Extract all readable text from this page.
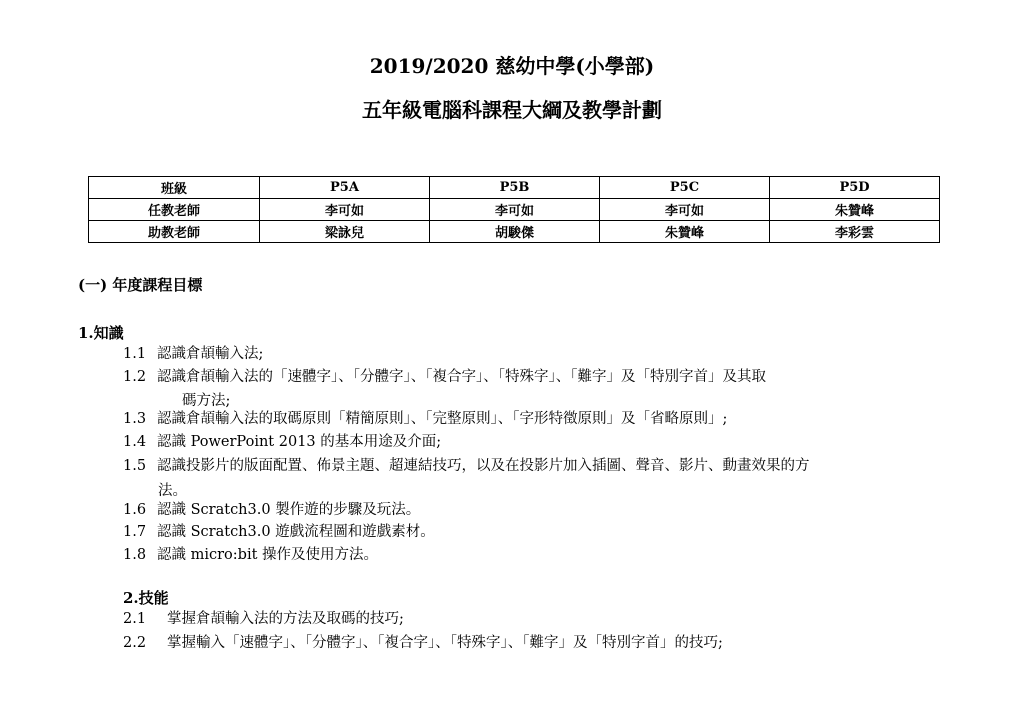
2019/2020 慈幼中學(小學部)
五年級電腦科課程大綱及教學計劃
班級	P5A	P5B	P5C	P5D
任教老師	李可如	李可如	李可如	朱贊峰
助教老師	梁詠兒	胡駿傑	朱贊峰	李彩雲
(一) 年度課程目標
1.知識
1.1 認識倉頡輸入法;
1.2 認識倉頡輸入法的「速體字」、「分體字」、「複合字」、「特殊字」、「難字」及「特別字首」及其取
碼方法;
1.3 認識倉頡輸入法的取碼原則「精簡原則」、「完整原則」、「字形特徵原則」及「省略原則」;
1.4 認識 PowerPoint 2013 的基本用途及介面;
1.5 認識投影片的版面配置、佈景主題、超連結技巧，以及在投影片加入插圖、聲音、影片、動畫效果的方
法。
1.6 認識 Scratch3.0 製作遊的步驟及玩法。
1.7 認識 Scratch3.0 遊戲流程圖和遊戲素材。
1.8 認識 micro:bit 操作及使用方法。
2.技能
2.1 掌握倉頡輸入法的方法及取碼的技巧;
2.2 掌握輸入「速體字」、「分體字」、「複合字」、「特殊字」、「難字」及「特別字首」的技巧;
